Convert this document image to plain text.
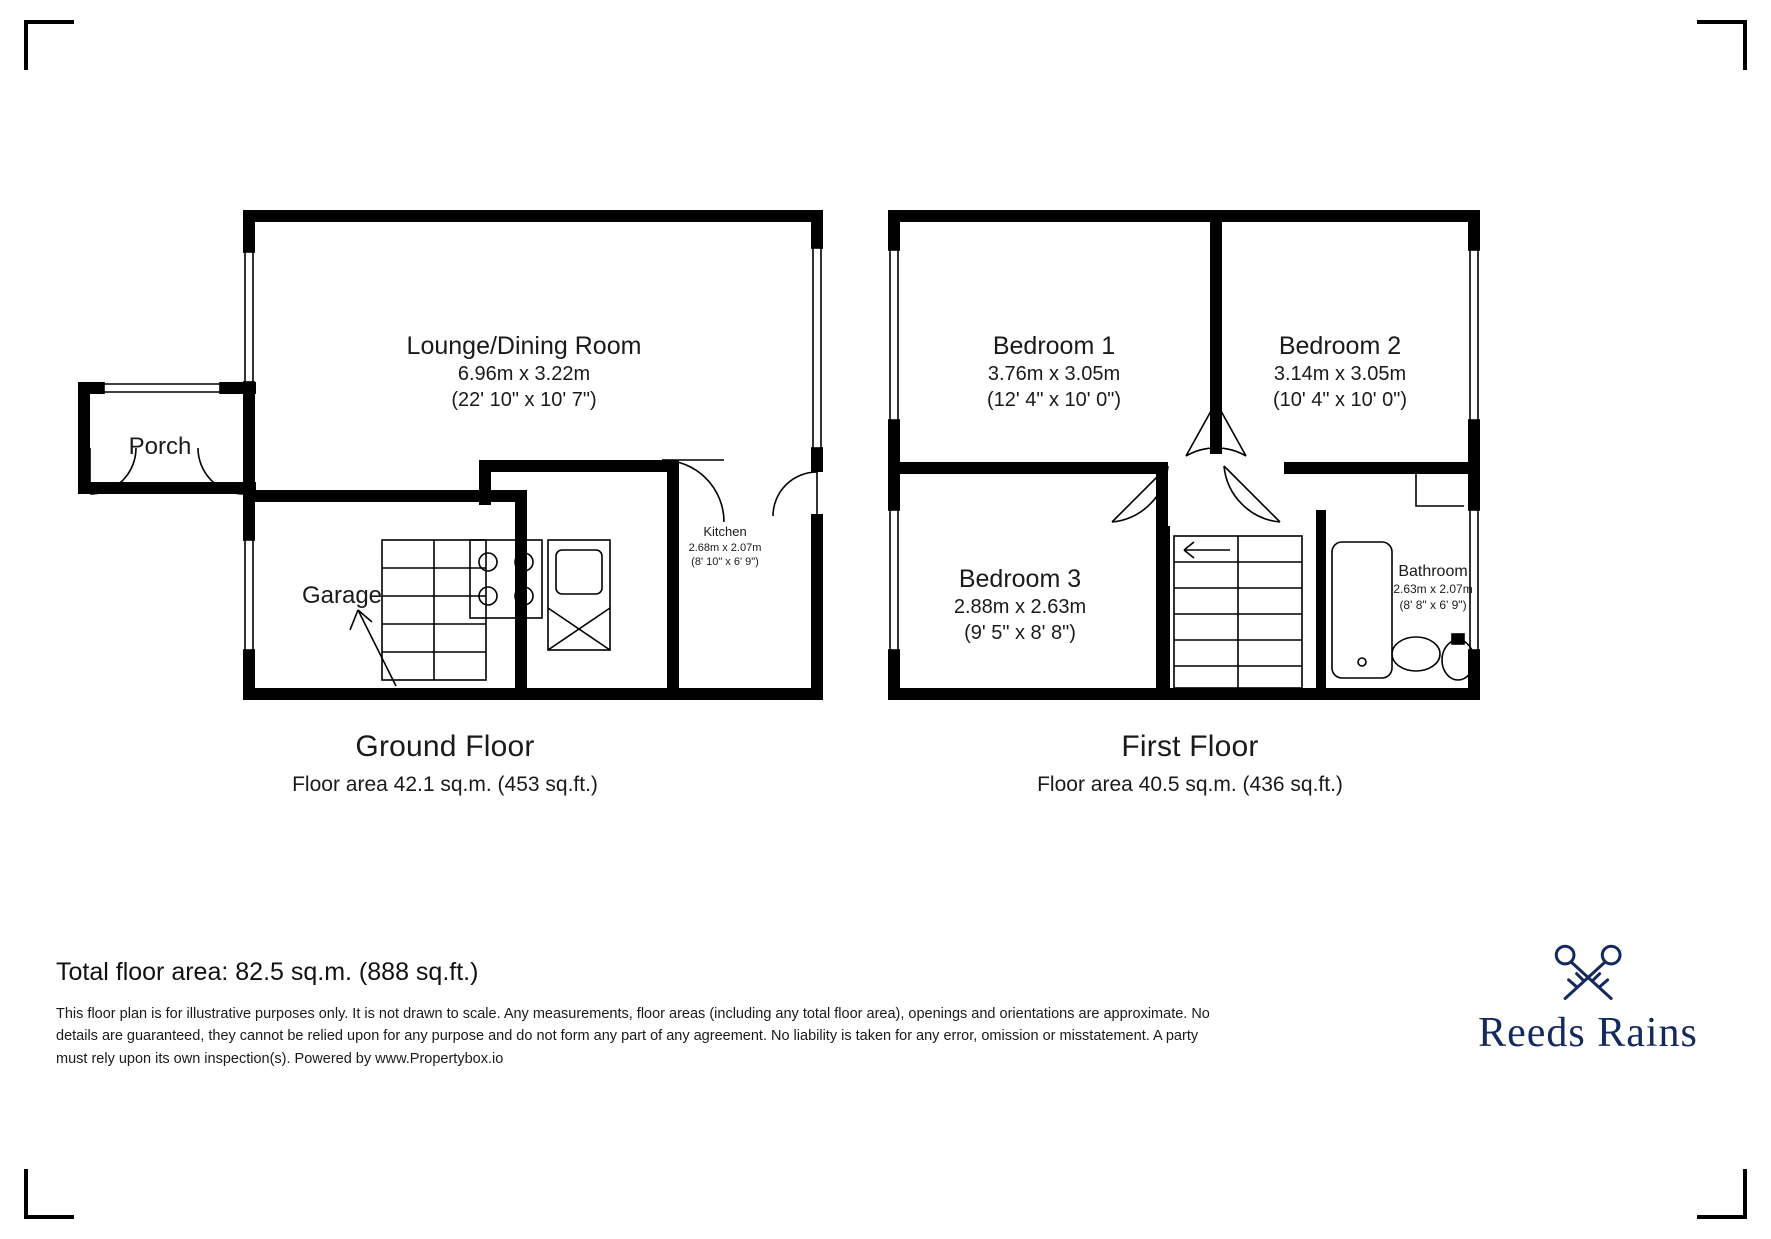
Lounge/Dining Room
6.96m x 3.22m
(22' 10" x 10' 7")
Porch
Garage
Kitchen
2.68m x 2.07m
(8' 10" x 6' 9")
Ground Floor
Floor area 42.1 sq.m. (453 sq.ft.)
Bedroom 1
3.76m x 3.05m
(12' 4" x 10' 0")
Bedroom 2
3.14m x 3.05m
(10' 4" x 10' 0")
Bedroom 3
2.88m x 2.63m
(9' 5" x 8' 8")
Bathroom
2.63m x 2.07m
(8' 8" x 6' 9")
First Floor
Floor area 40.5 sq.m. (436 sq.ft.)
Total floor area: 82.5 sq.m. (888 sq.ft.)
This floor plan is for illustrative purposes only. It is not drawn to scale. Any measurements, floor areas (including any total floor area), openings and orientations are approximate. No details are guaranteed, they cannot be relied upon for any purpose and do not form any part of any agreement. No liability is taken for any error, omission or misstatement. A party must rely upon its own inspection(s). Powered by www.Propertybox.io
Reeds Rains
